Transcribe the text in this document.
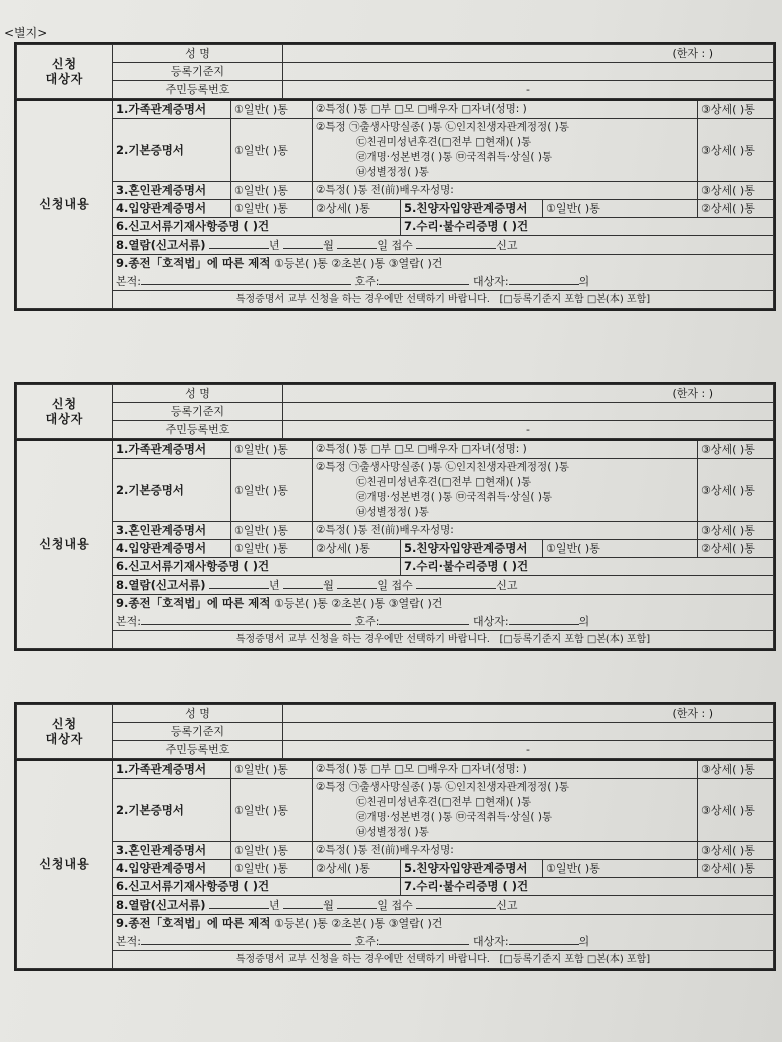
<별지>
신청
대상자	성 명	(한자 : )
	등록기준지	
	주민등록번호	-
신청내용	1.가족관계증명서	①일반( )통	②특정( )통 □부 □모 □배우자 □자녀(성명: )			③상세( )통
	2.기본증명서	①일반( )통	②특정 ㉠출생사망실종( )통 ㉡인지친생자관계정정( )통
㉢친권미성년후견(□전부 □현재)( )통
㉣개명·성본변경( )통 ㉤국적취득·상실( )통
㉥성별정정( )통			③상세( )통
	3.혼인관계증명서	①일반( )통	②특정( )통 전(前)배우자성명:			③상세( )통
	4.입양관계증명서	①일반( )통	②상세( )통	5.친양자입양관계증명서	①일반( )통	②상세( )통
	6.신고서류기재사항증명 ( )건			7.수리·불수리증명 ( )건		
	8.열람(신고서류) 년 월 일 접수 신고					
	9.종전「호적법」에 따른 제적 ①등본( )통 ②초본( )통 ③열람( )건					
	본적: 호주: 대상자: 의					
	특정증명서 교부 신청을 하는 경우에만 선택하기 바랍니다. [□등록기준지 포함 □본(本) 포함]					
신청
대상자	성 명	(한자 : )
	등록기준지	
	주민등록번호	-
신청내용	1.가족관계증명서	①일반( )통	②특정( )통 □부 □모 □배우자 □자녀(성명: )			③상세( )통
	2.기본증명서	①일반( )통	②특정 ㉠출생사망실종( )통 ㉡인지친생자관계정정( )통
㉢친권미성년후견(□전부 □현재)( )통
㉣개명·성본변경( )통 ㉤국적취득·상실( )통
㉥성별정정( )통			③상세( )통
	3.혼인관계증명서	①일반( )통	②특정( )통 전(前)배우자성명:			③상세( )통
	4.입양관계증명서	①일반( )통	②상세( )통	5.친양자입양관계증명서	①일반( )통	②상세( )통
	6.신고서류기재사항증명 ( )건			7.수리·불수리증명 ( )건		
	8.열람(신고서류) 년 월 일 접수 신고					
	9.종전「호적법」에 따른 제적 ①등본( )통 ②초본( )통 ③열람( )건					
	본적: 호주: 대상자: 의					
	특정증명서 교부 신청을 하는 경우에만 선택하기 바랍니다. [□등록기준지 포함 □본(本) 포함]					
신청
대상자	성 명	(한자 : )
	등록기준지	
	주민등록번호	-
신청내용	1.가족관계증명서	①일반( )통	②특정( )통 □부 □모 □배우자 □자녀(성명: )			③상세( )통
	2.기본증명서	①일반( )통	②특정 ㉠출생사망실종( )통 ㉡인지친생자관계정정( )통
㉢친권미성년후견(□전부 □현재)( )통
㉣개명·성본변경( )통 ㉤국적취득·상실( )통
㉥성별정정( )통			③상세( )통
	3.혼인관계증명서	①일반( )통	②특정( )통 전(前)배우자성명:			③상세( )통
	4.입양관계증명서	①일반( )통	②상세( )통	5.친양자입양관계증명서	①일반( )통	②상세( )통
	6.신고서류기재사항증명 ( )건			7.수리·불수리증명 ( )건		
	8.열람(신고서류) 년 월 일 접수 신고					
	9.종전「호적법」에 따른 제적 ①등본( )통 ②초본( )통 ③열람( )건					
	본적: 호주: 대상자: 의					
	특정증명서 교부 신청을 하는 경우에만 선택하기 바랍니다. [□등록기준지 포함 □본(本) 포함]					
